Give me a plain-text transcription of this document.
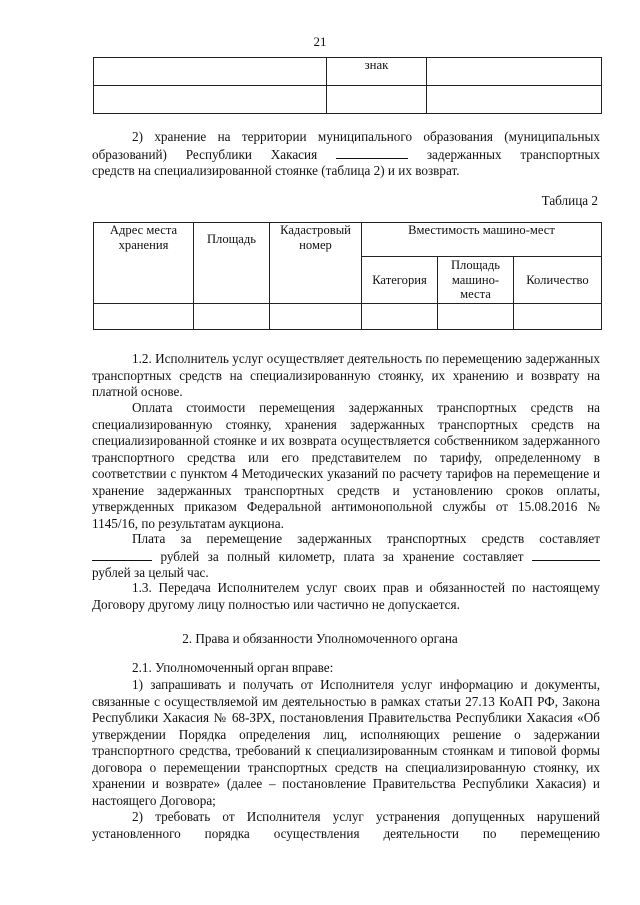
21
	знак	

2) хранение на территории муниципального образования (муниципальных
образований) Республики Хакасия	задержанных транспортных
средств на специализированной стоянке (таблица 2) и их возврат.
Таблица 2
Адрес места хранения	Площадь	Кадастровый номер	Вместимость машино-мест		
			Категория	Площадь машино-места	Количество

1.2. Исполнитель услуг осуществляет деятельность по перемещению задержанных транспортных средств на специализированную стоянку, их хранению и возврату на платной основе.
Оплата стоимости перемещения задержанных транспортных средств на специализированную стоянку, хранения задержанных транспортных средств на специализированной стоянке и их возврата осуществляется собственником задержанного транспортного средства или его представителем по тарифу, определенному в соответствии с пунктом 4 Методических указаний по расчету тарифов на перемещение и хранение задержанных транспортных средств и установлению сроков оплаты, утвержденных приказом Федеральной антимонопольной службы от 15.08.2016 № 1145/16, по результатам аукциона.
Плата за перемещение задержанных транспортных средств составляет
рублей за полный километр, плата за хранение составляет
рублей за целый час.
1.3. Передача Исполнителем услуг своих прав и обязанностей по настоящему Договору другому лицу полностью или частично не допускается.
2. Права и обязанности Уполномоченного органа
2.1. Уполномоченный орган вправе:
1) запрашивать и получать от Исполнителя услуг информацию и документы, связанные с осуществляемой им деятельностью в рамках статьи 27.13 КоАП РФ, Закона Республики Хакасия № 68-ЗРХ, постановления Правительства Республики Хакасия «Об утверждении Порядка определения лиц, исполняющих решение о задержании транспортного средства, требований к специализированным стоянкам и типовой формы договора о перемещении транспортных средств на специализированную стоянку, их хранении и возврате» (далее – постановление Правительства Республики Хакасия) и настоящего Договора;
2) требовать от Исполнителя услуг устранения допущенных нарушений
установленного порядка осуществления деятельности по перемещению
